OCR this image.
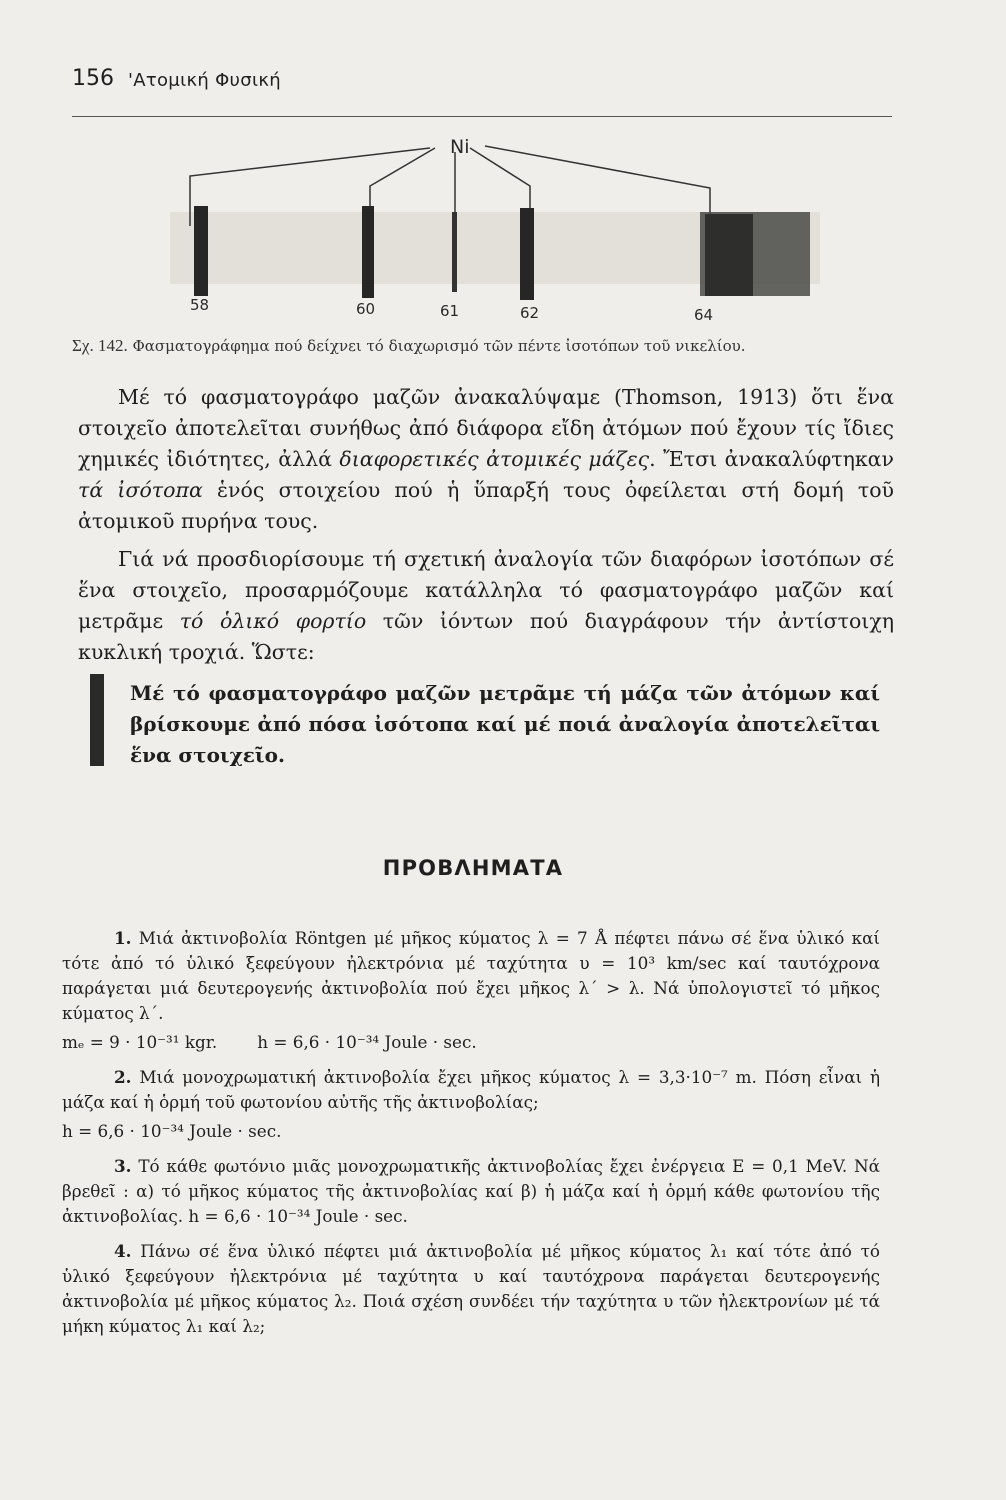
156 'Ατομική Φυσική
Ni
58	60	61	62	64
Σχ. 142. Φασματογράφημα πού δείχνει τό διαχωρισμό τῶν πέντε ἰσοτόπων τοῦ νικελίου.

Μέ τό φασματογράφο μαζῶν ἀνακαλύψαμε (Thomson, 1913) ὅτι ἕνα στοιχεῖο ἀποτελεῖται συνήθως ἀπό διάφορα εἴδη ἀτόμων πού ἔχουν τίς ἴδιες χημικές ἰδιότητες, ἀλλά διαφορετικές ἀτομικές μάζες. Ἔτσι ἀνακαλύφτηκαν τά ἰσότοπα ἑνός στοιχείου πού ἡ ὕπαρξή τους ὀφείλεται στή δομή τοῦ ἀτομικοῦ πυρήνα τους.

Γιά νά προσδιορίσουμε τή σχετική ἀναλογία τῶν διαφόρων ἰσοτόπων σέ ἕνα στοιχεῖο, προσαρμόζουμε κατάλληλα τό φασματογράφο μαζῶν καί μετρᾶμε τό ὁλικό φορτίο τῶν ἰόντων πού διαγράφουν τήν ἀντίστοιχη κυκλική τροχιά. Ὥστε:

Μέ τό φασματογράφο μαζῶν μετρᾶμε τή μάζα τῶν ἀτόμων καί βρίσκουμε ἀπό πόσα ἰσότοπα καί μέ ποιά ἀναλογία ἀποτελεῖται ἕνα στοιχεῖο.
ΠΡΟΒΛΗΜΑΤΑ

1. Μιά ἀκτινοβολία Röntgen μέ μῆκος κύματος λ = 7 Å πέφτει πάνω σέ ἕνα ὑλικό καί τότε ἀπό τό ὑλικό ξεφεύγουν ἠλεκτρόνια μέ ταχύτητα υ = 10³ km/sec καί ταυτόχρονα παράγεται μιά δευτερογενής ἀκτινοβολία πού ἔχει μῆκος λ΄ > λ. Νά ὑπολογιστεῖ τό μῆκος κύματος λ΄.

mₑ = 9 · 10⁻³¹ kgr. h = 6,6 · 10⁻³⁴ Joule · sec.

2. Μιά μονοχρωματική ἀκτινοβολία ἔχει μῆκος κύματος λ = 3,3·10⁻⁷ m. Πόση εἶναι ἡ μάζα καί ἡ ὁρμή τοῦ φωτονίου αὐτῆς τῆς ἀκτινοβολίας;

h = 6,6 · 10⁻³⁴ Joule · sec.

3. Τό κάθε φωτόνιο μιᾶς μονοχρωματικῆς ἀκτινοβολίας ἔχει ἐνέργεια E = 0,1 MeV. Νά βρεθεῖ : α) τό μῆκος κύματος τῆς ἀκτινοβολίας καί β) ἡ μάζα καί ἡ ὁρμή κάθε φωτονίου τῆς ἀκτινοβολίας. h = 6,6 · 10⁻³⁴ Joule · sec.

4. Πάνω σέ ἕνα ὑλικό πέφτει μιά ἀκτινοβολία μέ μῆκος κύματος λ₁ καί τότε ἀπό τό ὑλικό ξεφεύγουν ἠλεκτρόνια μέ ταχύτητα υ καί ταυτόχρονα παράγεται δευτερογενής ἀκτινοβολία μέ μῆκος κύματος λ₂. Ποιά σχέση συνδέει τήν ταχύτητα υ τῶν ἠλεκτρονίων μέ τά μήκη κύματος λ₁ καί λ₂;
